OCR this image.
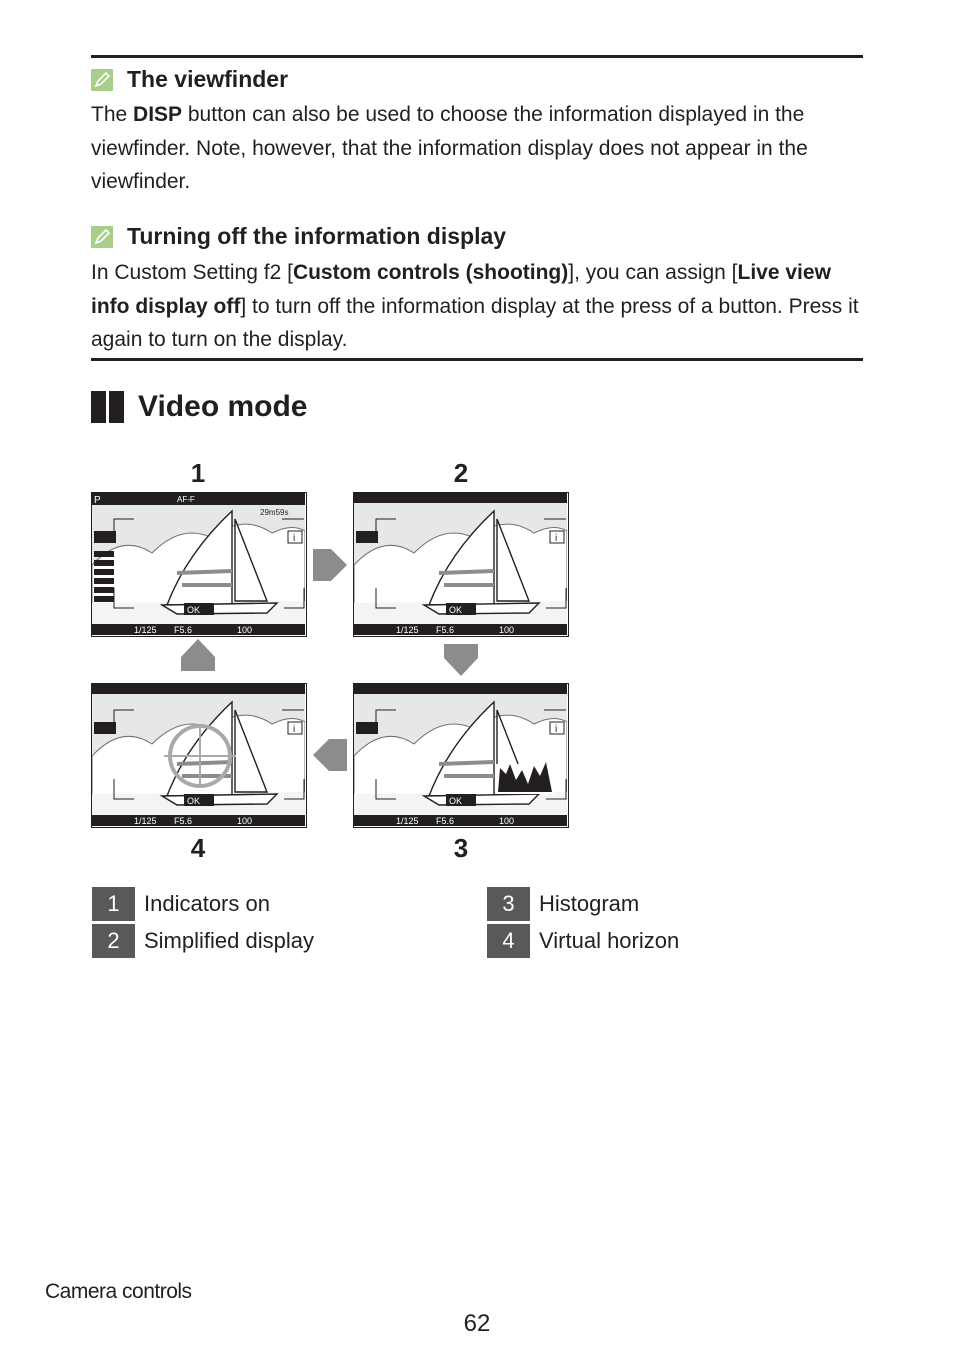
The viewfinder
The DISP button can also be used to choose the information displayed in the viewfinder. Note, however, that the information display does not appear in the viewfinder.
Turning off the information display
In Custom Setting f2 [Custom controls (shooting)], you can assign [Live view info display off] to turn off the information display at the press of a button. Press it again to turn on the display.
Video mode
1	2
4	3
P	AF-F
29m59s
i
OK
1/125 F5.6	100
i
OK
1/125 F5.6	100
i
OK
1/125 F5.6	100
i
OK
1/125 F5.6	100
1	Indicators on
2	Simplified display
3	Histogram
4	Virtual horizon
Camera controls
62
